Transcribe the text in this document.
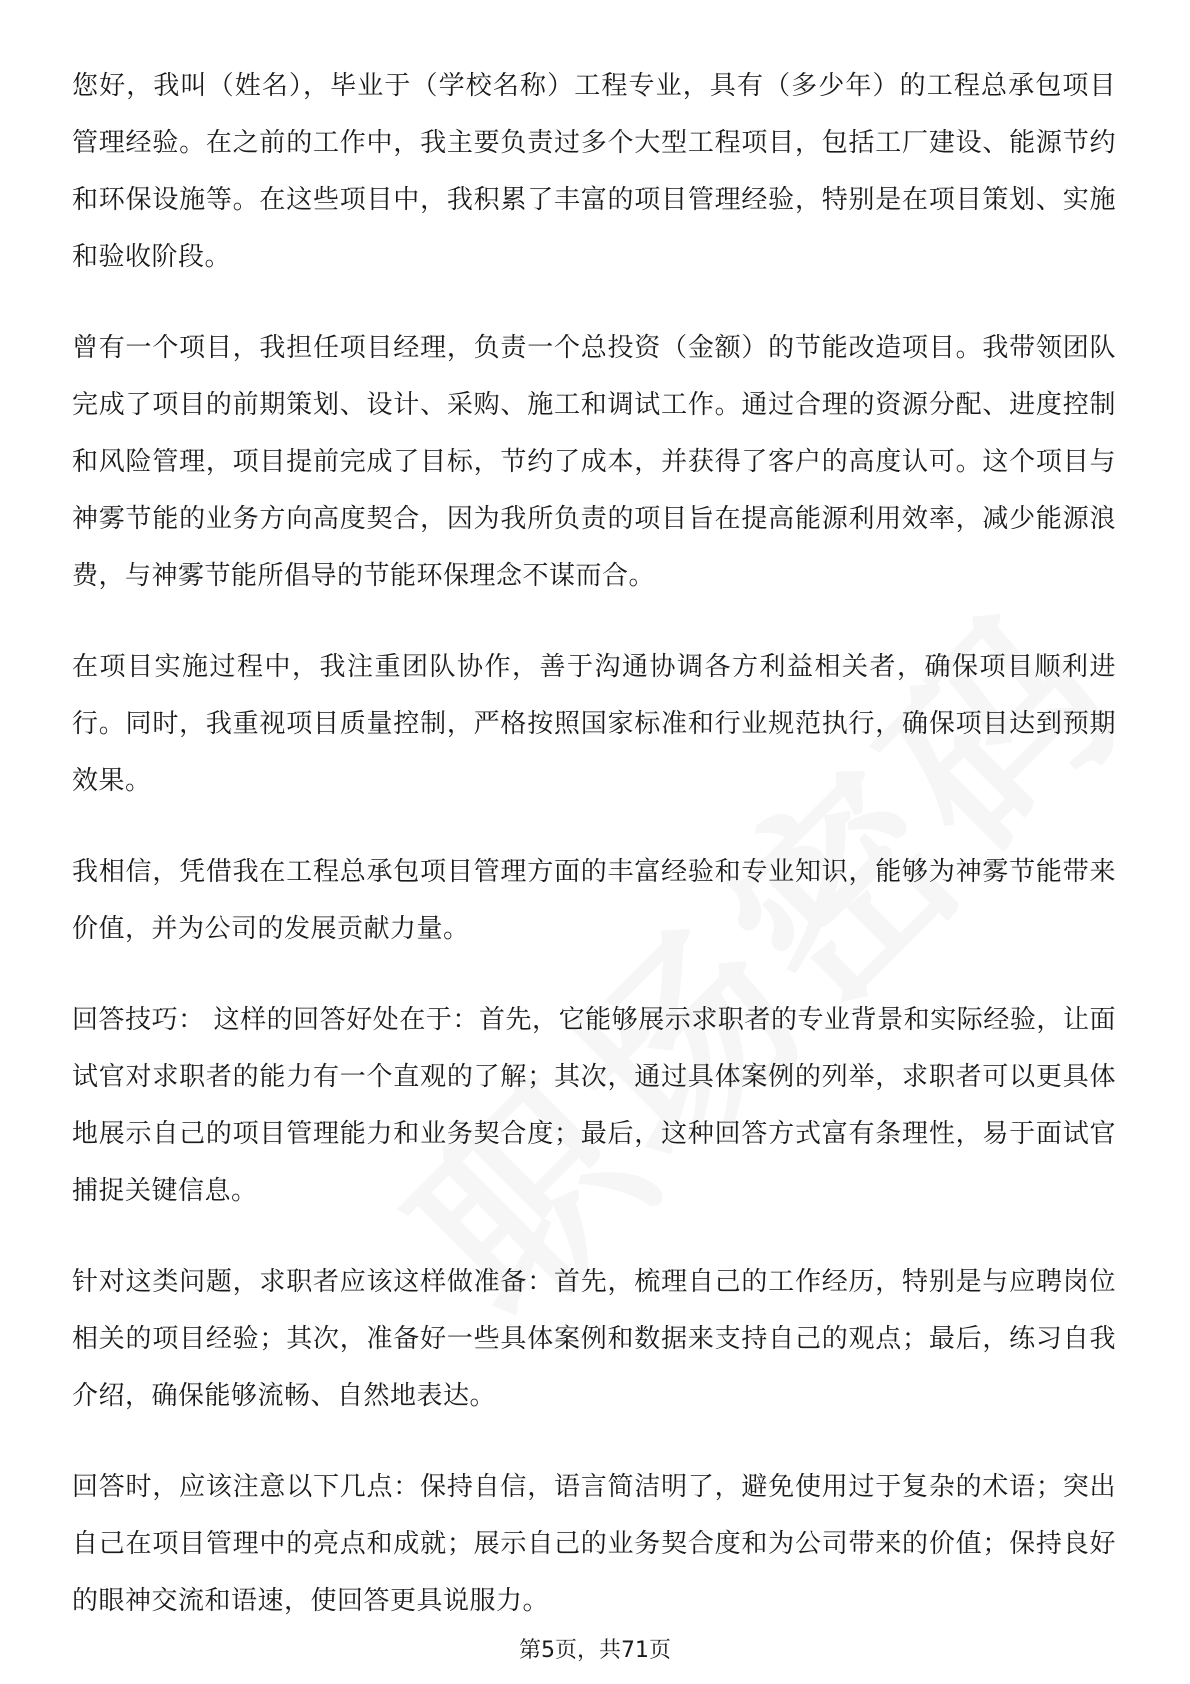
您好，我叫（姓名），毕业于（学校名称）工程专业，具有（多少年）的工程总承包项目管理经验。在之前的工作中，我主要负责过多个大型工程项目，包括工厂建设、能源节约和环保设施等。在这些项目中，我积累了丰富的项目管理经验，特别是在项目策划、实施和验收阶段。

曾有一个项目，我担任项目经理，负责一个总投资（金额）的节能改造项目。我带领团队完成了项目的前期策划、设计、采购、施工和调试工作。通过合理的资源分配、进度控制和风险管理，项目提前完成了目标，节约了成本，并获得了客户的高度认可。这个项目与神雾节能的业务方向高度契合，因为我所负责的项目旨在提高能源利用效率，减少能源浪费，与神雾节能所倡导的节能环保理念不谋而合。

在项目实施过程中，我注重团队协作，善于沟通协调各方利益相关者，确保项目顺利进行。同时，我重视项目质量控制，严格按照国家标准和行业规范执行，确保项目达到预期效果。

我相信，凭借我在工程总承包项目管理方面的丰富经验和专业知识，能够为神雾节能带来价值，并为公司的发展贡献力量。

回答技巧： 这样的回答好处在于：首先，它能够展示求职者的专业背景和实际经验，让面试官对求职者的能力有一个直观的了解；其次，通过具体案例的列举，求职者可以更具体地展示自己的项目管理能力和业务契合度；最后，这种回答方式富有条理性，易于面试官捕捉关键信息。

针对这类问题，求职者应该这样做准备：首先，梳理自己的工作经历，特别是与应聘岗位相关的项目经验；其次，准备好一些具体案例和数据来支持自己的观点；最后，练习自我介绍，确保能够流畅、自然地表达。

回答时，应该注意以下几点：保持自信，语言简洁明了，避免使用过于复杂的术语；突出自己在项目管理中的亮点和成就；展示自己的业务契合度和为公司带来的价值；保持良好的眼神交流和语速，使回答更具说服力。

第5页，共71页
